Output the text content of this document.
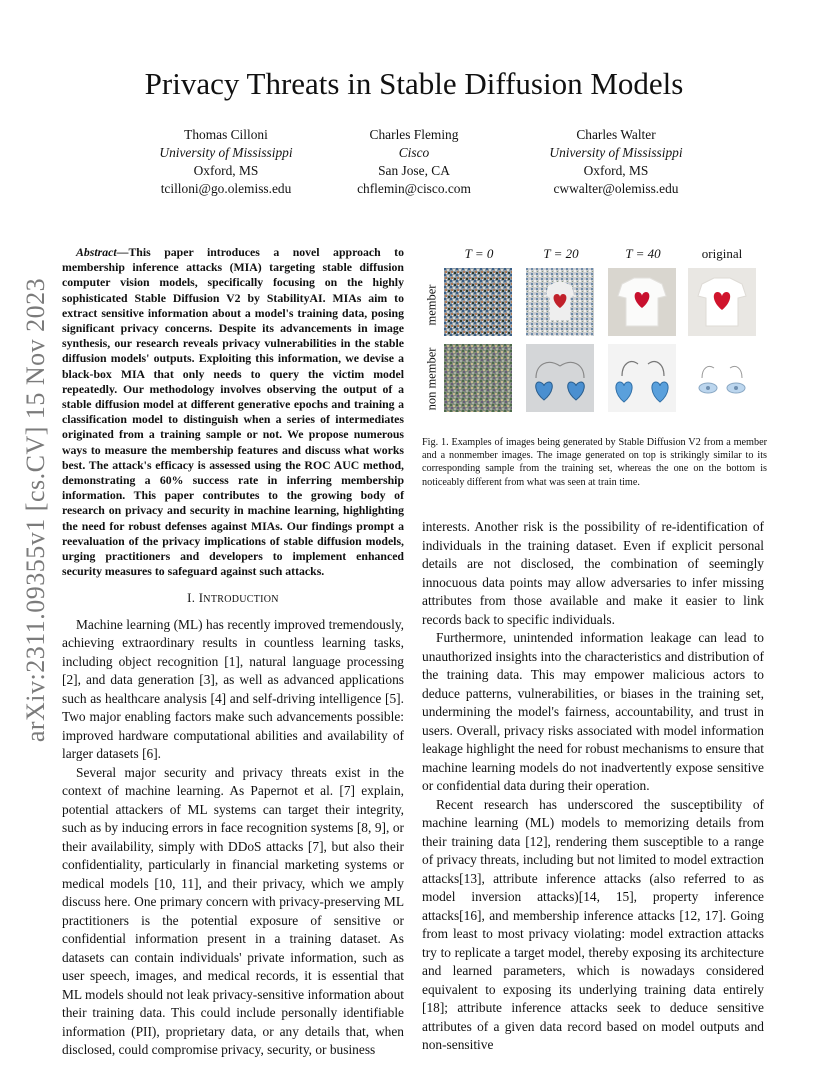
arXiv:2311.09355v1 [cs.CV] 15 Nov 2023
Privacy Threats in Stable Diffusion Models
Thomas Cilloni
University of Mississippi
Oxford, MS
tcilloni@go.olemiss.edu
Charles Fleming
Cisco
San Jose, CA
chflemin@cisco.com
Charles Walter
University of Mississippi
Oxford, MS
cwwalter@olemiss.edu

Abstract—This paper introduces a novel approach to membership inference attacks (MIA) targeting stable diffusion computer vision models, specifically focusing on the highly sophisticated Stable Diffusion V2 by StabilityAI. MIAs aim to extract sensitive information about a model's training data, posing significant privacy concerns. Despite its advancements in image synthesis, our research reveals privacy vulnerabilities in the stable diffusion models' outputs. Exploiting this information, we devise a black-box MIA that only needs to query the victim model repeatedly. Our methodology involves observing the output of a stable diffusion model at different generative epochs and training a classification model to distinguish when a series of intermediates originated from a training sample or not. We propose numerous ways to measure the membership features and discuss what works best. The attack's efficacy is assessed using the ROC AUC method, demonstrating a 60% success rate in inferring membership information. This paper contributes to the growing body of research on privacy and security in machine learning, highlighting the need for robust defenses against MIAs. Our findings prompt a reevaluation of the privacy implications of stable diffusion models, urging practitioners and developers to implement enhanced security measures to safeguard against such attacks.

I. INTRODUCTION

Machine learning (ML) has recently improved tremendously, achieving extraordinary results in countless learning tasks, including object recognition [1], natural language processing [2], and data generation [3], as well as advanced applications such as healthcare analysis [4] and self-driving intelligence [5]. Two major enabling factors make such advancements possible: improved hardware computational abilities and availability of larger datasets [6].

Several major security and privacy threats exist in the context of machine learning. As Papernot et al. [7] explain, potential attackers of ML systems can target their integrity, such as by inducing errors in face recognition systems [8, 9], or their availability, simply with DDoS attacks [7], but also their confidentiality, particularly in financial marketing systems or medical models [10, 11], and their privacy, which we amply discuss here. One primary concern with privacy-preserving ML practitioners is the potential exposure of sensitive or confidential information present in a training dataset. As datasets can contain individuals' private information, such as user speech, images, and medical records, it is essential that ML models should not leak privacy-sensitive information about their training data. This could include personally identifiable information (PII), proprietary data, or any details that, when disclosed, could compromise privacy, security, or business

T = 0	T = 20	T = 40	original
member
non member
Fig. 1. Examples of images being generated by Stable Diffusion V2 from a member and a nonmember images. The image generated on top is strikingly similar to its corresponding sample from the training set, whereas the one on the bottom is noticeably different from what was seen at train time.

interests. Another risk is the possibility of re-identification of individuals in the training dataset. Even if explicit personal details are not disclosed, the combination of seemingly innocuous data points may allow adversaries to infer missing attributes from those available and make it easier to link records back to specific individuals.

Furthermore, unintended information leakage can lead to unauthorized insights into the characteristics and distribution of the training data. This may empower malicious actors to deduce patterns, vulnerabilities, or biases in the training set, undermining the model's fairness, accountability, and trust in users. Overall, privacy risks associated with model information leakage highlight the need for robust mechanisms to ensure that machine learning models do not inadvertently expose sensitive or confidential data during their operation.

Recent research has underscored the susceptibility of machine learning (ML) models to memorizing details from their training data [12], rendering them susceptible to a range of privacy threats, including but not limited to model extraction attacks[13], attribute inference attacks (also referred to as model inversion attacks)[14, 15], property inference attacks[16], and membership inference attacks [12, 17]. Going from least to most privacy violating: model extraction attacks try to replicate a target model, thereby exposing its architecture and learned parameters, which is nowadays considered equivalent to exposing its underlying training data entirely [18]; attribute inference attacks seek to deduce sensitive attributes of a given data record based on model outputs and non-sensitive
